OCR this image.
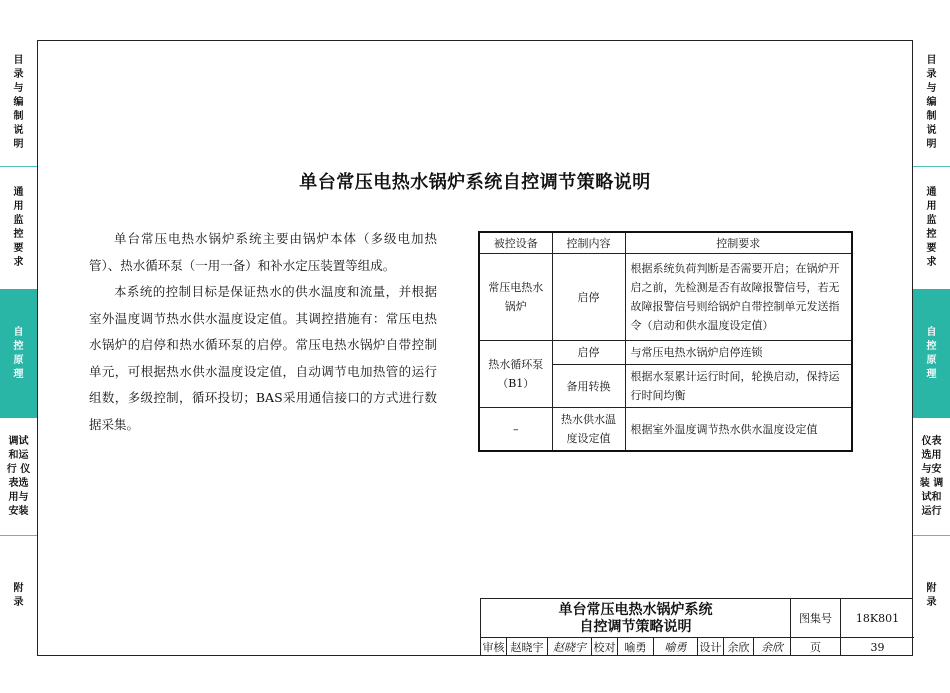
目录与编制说明
通用监控要求
自控原理
调试和运行 仪表选用与安装
附录
目录与编制说明
通用监控要求
自控原理
仪表选用与安装 调试和运行
附录
单台常压电热水锅炉系统自控调节策略说明

单台常压电热水锅炉系统主要由锅炉本体（多级电加热管）、热水循环泵（一用一备）和补水定压装置等组成。

本系统的控制目标是保证热水的供水温度和流量，并根据室外温度调节热水供水温度设定值。其调控措施有：常压电热水锅炉的启停和热水循环泵的启停。常压电热水锅炉自带控制单元，可根据热水供水温度设定值，自动调节电加热管的运行组数，多级控制，循环投切；BAS采用通信接口的方式进行数据采集。

被控设备	控制内容	控制要求
常压电热水锅炉	启停	根据系统负荷判断是否需要开启；在锅炉开启之前，先检测是否有故障报警信号，若无故障报警信号则给锅炉自带控制单元发送指令（启动和供水温度设定值）
热水循环泵（B1）	启停	与常压电热水锅炉启停连锁
	备用转换	根据水泵累计运行时间，轮换启动，保持运行时间均衡
–	热水供水温度设定值	根据室外温度调节热水供水温度设定值
单台常压电热水锅炉系统
自控调节策略说明
图集号	18K801
审核 赵晓宇 赵晓宇 校对 喻勇	喻勇	设计 余欣	余欣	页	39
